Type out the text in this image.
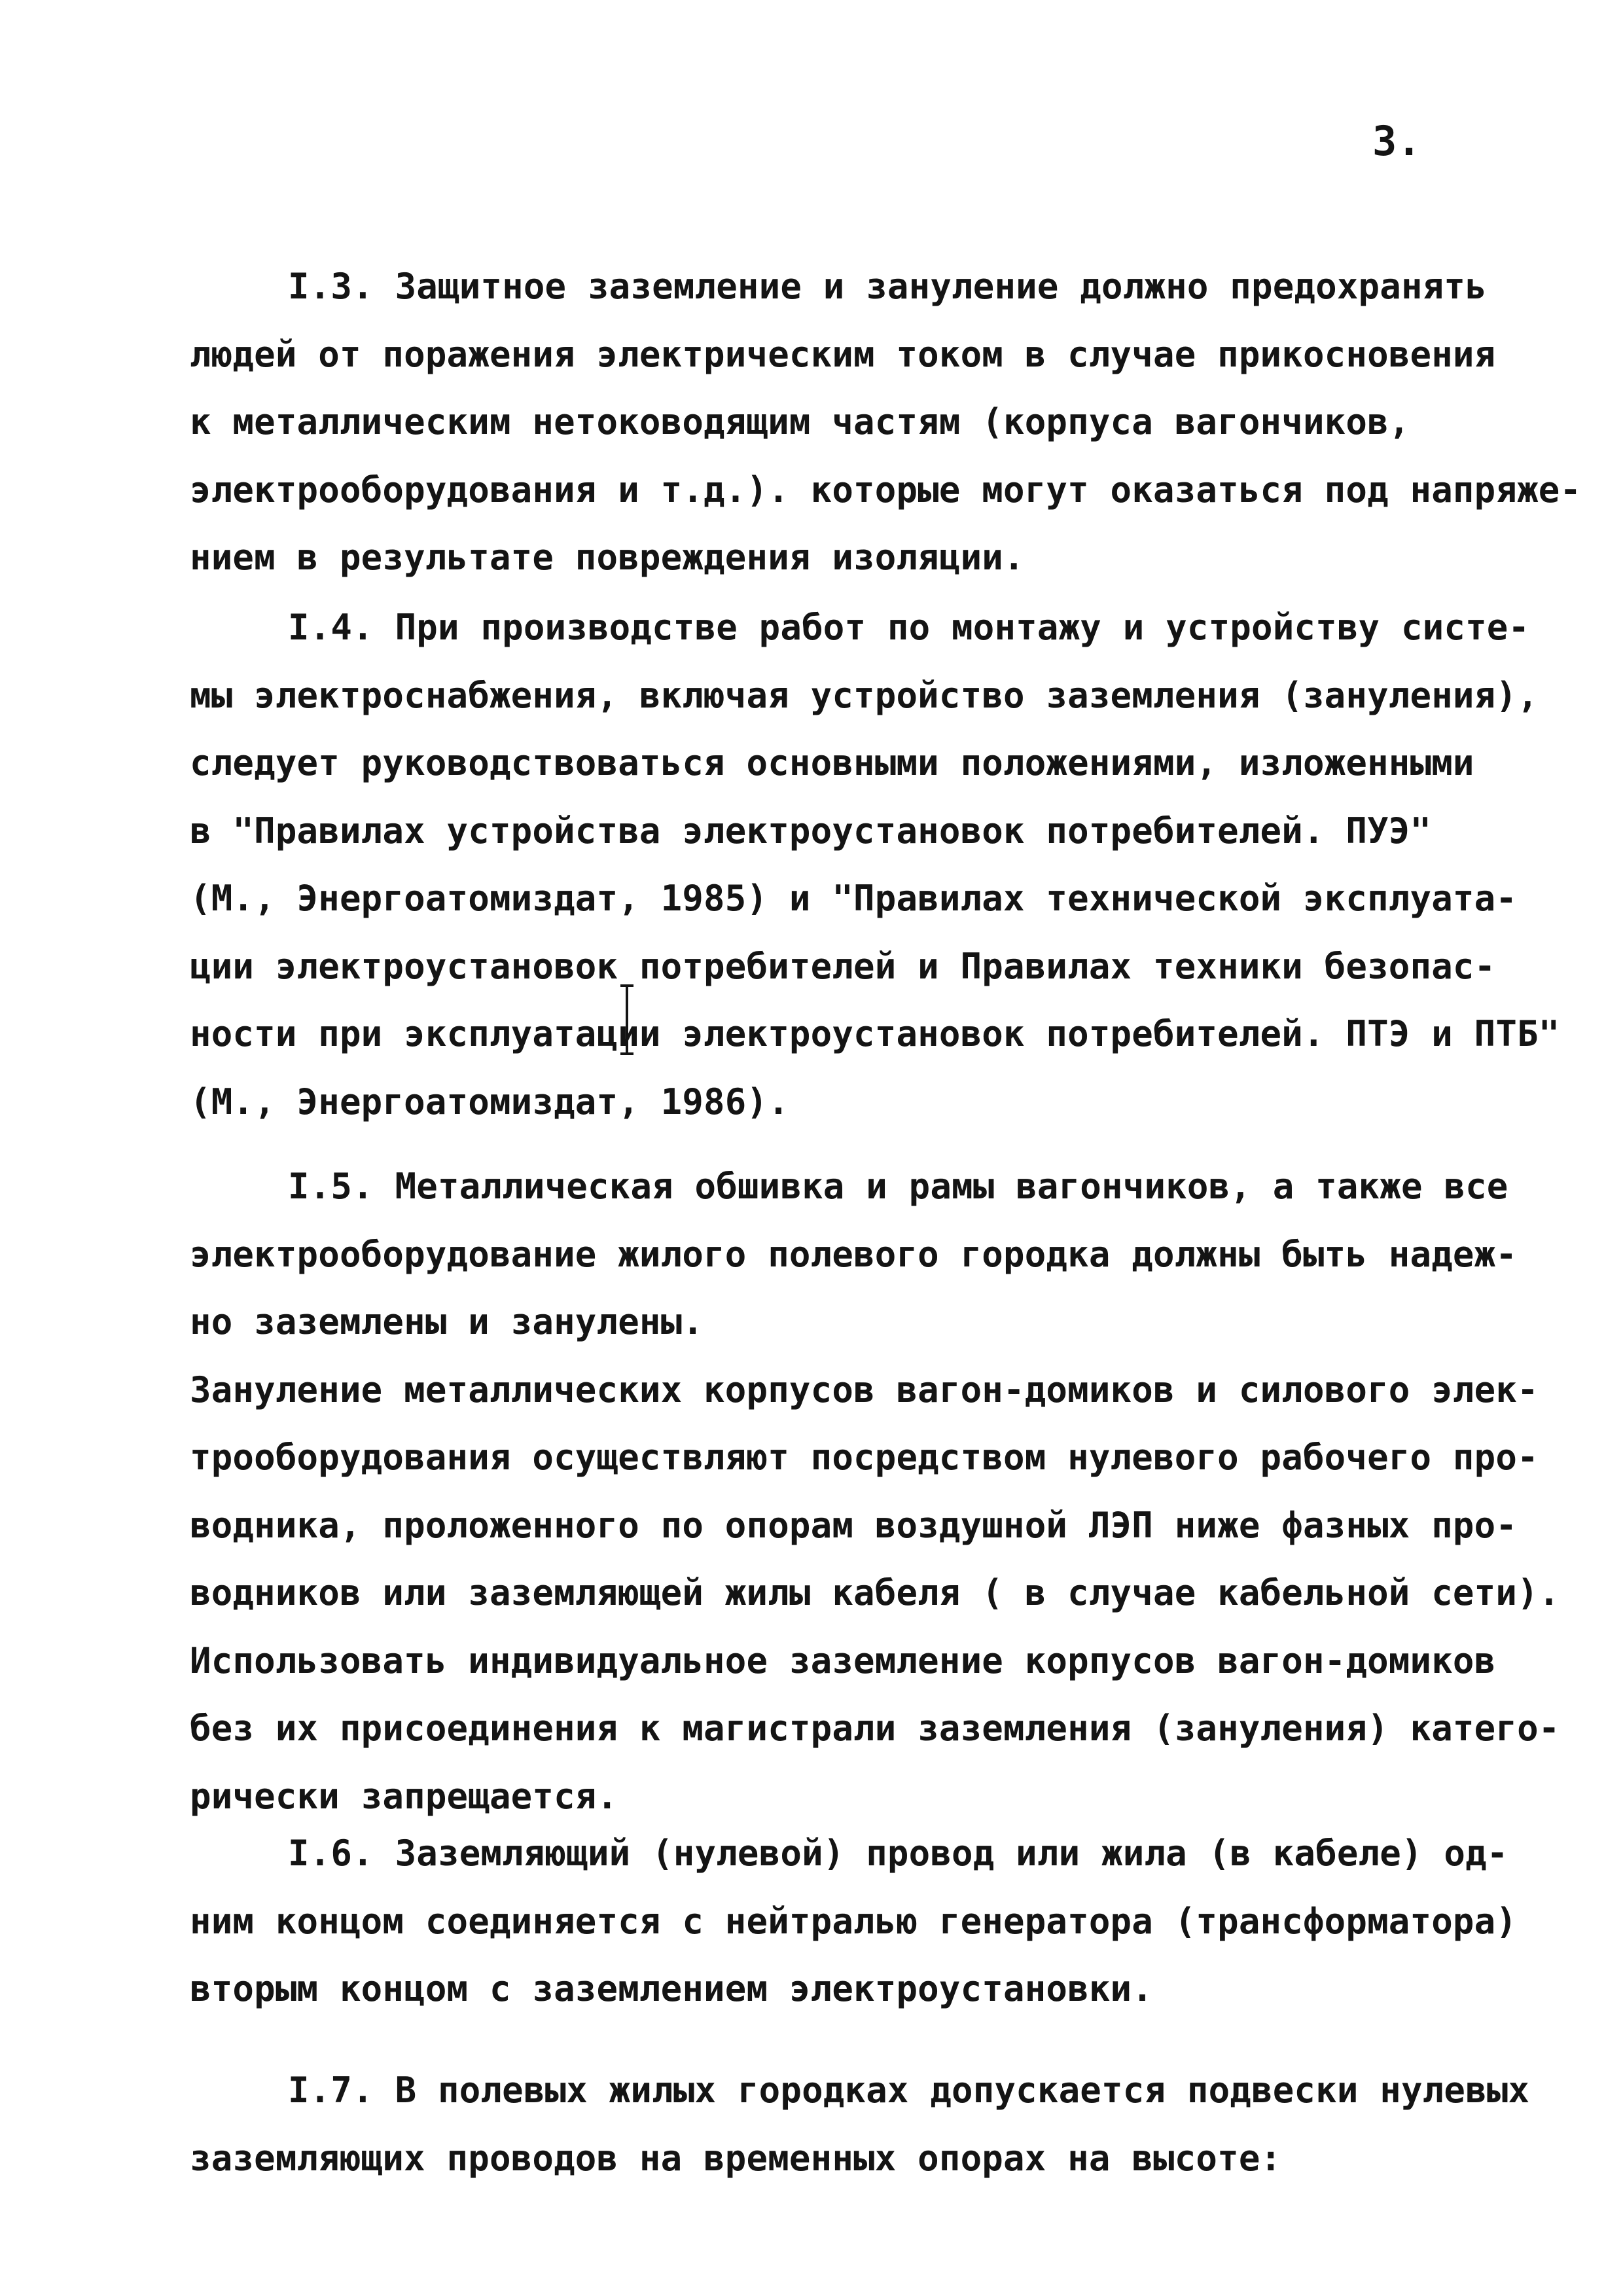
3.
I.3. Защитное заземление и зануление должно предохранять
людей от поражения электрическим током в случае прикосновения
к металлическим нетоководящим частям (корпуса вагончиков,
электрооборудования и т.д.). которые могут оказаться под напряже-
нием в результате повреждения изоляции.
I.4. При производстве работ по монтажу и устройству систе-
мы электроснабжения, включая устройство заземления (зануления),
следует руководствоваться основными положениями, изложенными
в "Правилах устройства электроустановок потребителей. ПУЭ"
(М., Энергоатомиздат, 1985) и "Правилах технической эксплуата-
ции электроустановок потребителей и Правилах техники безопас-
ности при эксплуатации электроустановок потребителей. ПТЭ и ПТБ"
(М., Энергоатомиздат, 1986).
I.5. Металлическая обшивка и рамы вагончиков, а также все
электрооборудование жилого полевого городка должны быть надеж-
но заземлены и занулены.
Зануление металлических корпусов вагон-домиков и силового элек-
трооборудования осуществляют посредством нулевого рабочего про-
водника, проложенного по опорам воздушной ЛЭП ниже фазных про-
водников или заземляющей жилы кабеля ( в случае кабельной сети).
Использовать индивидуальное заземление корпусов вагон-домиков
без их присоединения к магистрали заземления (зануления) катего-
рически запрещается.
I.6. Заземляющий (нулевой) провод или жила (в кабеле) од-
ним концом соединяется с нейтралью генератора (трансформатора)
вторым концом с заземлением электроустановки.
I.7. В полевых жилых городках допускается подвески нулевых
заземляющих проводов на временных опорах на высоте:
